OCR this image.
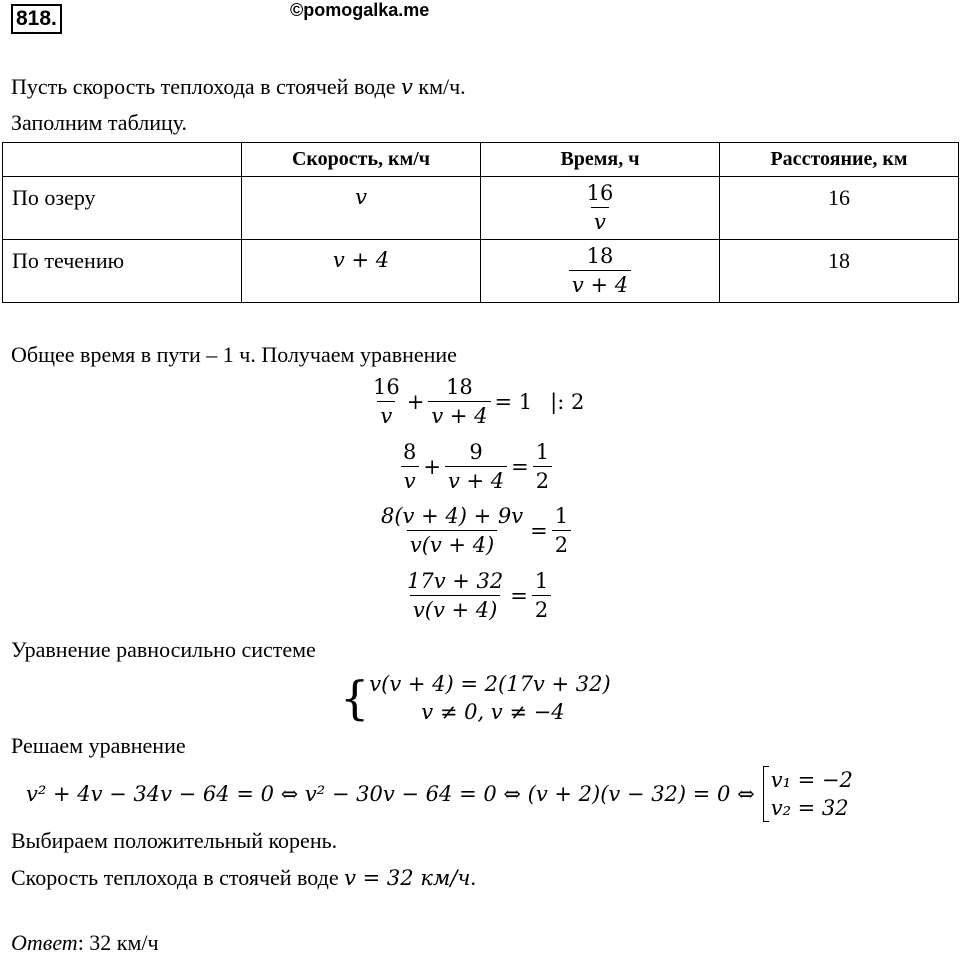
818.	©pomogalka.me
Пусть скорость теплохода в стоячей воде v км/ч.
Заполним таблицу.
	Скорость, км/ч	Время, ч	Расстояние, км

По озеру	v	$\frac{16}{v}$	16

По течению	v + 4	$\frac{18}{v + 4}$	18
Общее время в пути – 1 ч. Получаем уравнение
$\frac{16}{v} + \frac{18}{v + 4} = 1$ |: 2
$\frac{8}{v} + \frac{9}{v + 4} = \frac{1}{2}$
$\frac{8(v + 4) + 9v}{v(v + 4)} = \frac{1}{2}$
$\frac{17v + 32}{v(v + 4)} = \frac{1}{2}$
Уравнение равносильно системе
{ v(v + 4) = 2(17v + 32)
v ≠ 0, v ≠ −4
Решаем уравнение
v² + 4v − 34v − 64 = 0 ⇔ v² − 30v − 64 = 0 ⇔ (v + 2)(v − 32) = 0 ⇔
v₁ = −2
v₂ = 32
Выбираем положительный корень.
Скорость теплохода в стоячей воде v = 32 км/ч.
Ответ: 32 км/ч
